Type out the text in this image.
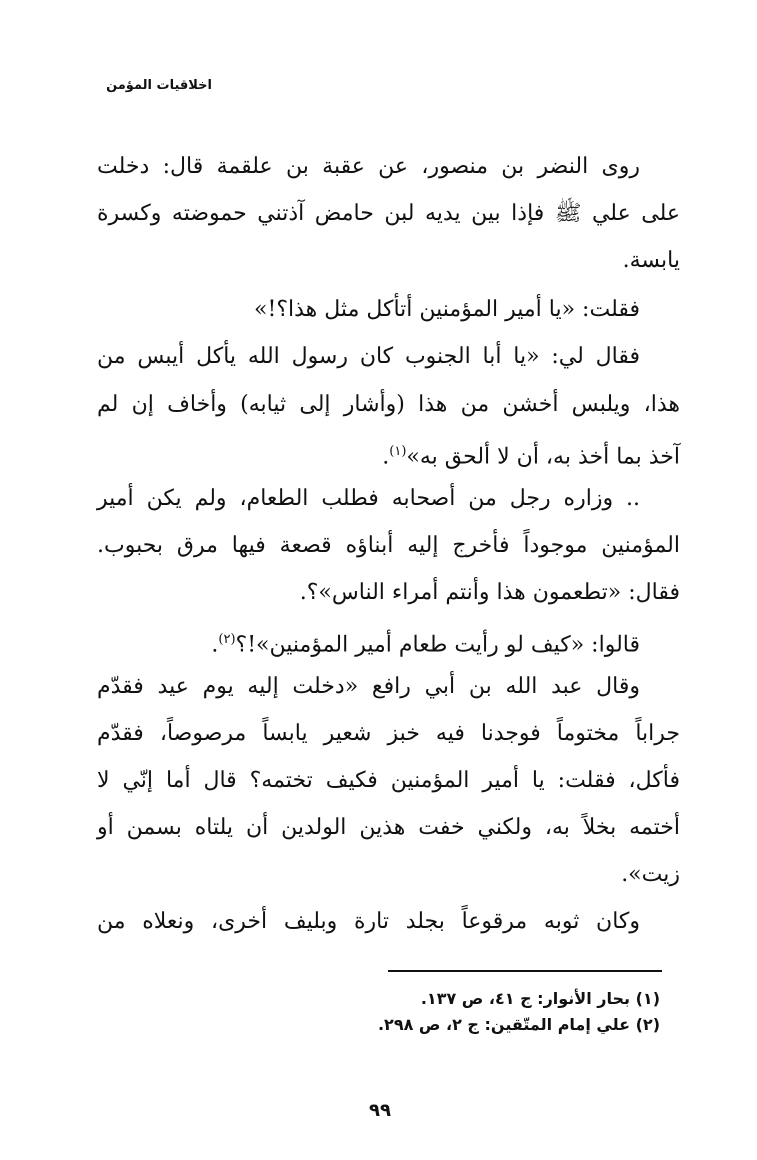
اخلاقيات المؤمن
روى النضر بن منصور، عن عقبة بن علقمة قال: دخلت
على علي ﷺ فإذا بين يديه لبن حامض آذتني حموضته وكسرة
يابسة.
فقلت: «يا أمير المؤمنين أتأكل مثل هذا؟!»
فقال لي: «يا أبا الجنوب كان رسول الله يأكل أيبس من
هذا، ويلبس أخشن من هذا (وأشار إلى ثيابه) وأخاف إن لم
آخذ بما أخذ به، أن لا ألحق به»$^{(١)}$.
.. وزاره رجل من أصحابه فطلب الطعام، ولم يكن أمير
المؤمنين موجوداً فأخرج إليه أبناؤه قصعة فيها مرق بحبوب.
فقال: «تطعمون هذا وأنتم أمراء الناس»؟.
قالوا: «كيف لو رأيت طعام أمير المؤمنين»!؟$^{(٢)}$.
وقال عبد الله بن أبي رافع «دخلت إليه يوم عيد فقدّم
جراباً مختوماً فوجدنا فيه خبز شعير يابساً مرصوصاً، فقدّم
فأكل، فقلت: يا أمير المؤمنين فكيف تختمه؟ قال أما إنّي لا
أختمه بخلاً به، ولكني خفت هذين الولدين أن يلتاه بسمن أو
زيت».
وكان ثوبه مرقوعاً بجلد تارة وبليف أخرى، ونعلاه من
(١) بحار الأنوار: ج ٤١، ص ١٣٧.
(٢) علي إمام المتّقين: ج ٢، ص ٢٩٨.
٩٩
